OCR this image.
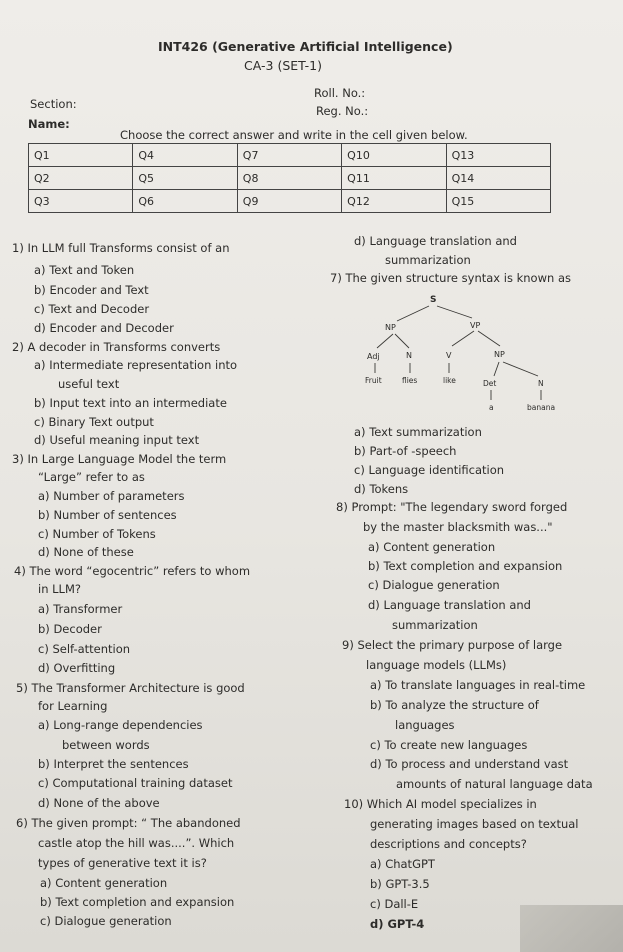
INT426 (Generative Artificial Intelligence)
CA-3 (SET-1)
Roll. No.:
Section:	Reg. No.:
Name:
Choose the correct answer and write in the cell given below.
Q1	Q4	Q7	Q10	Q13
Q2	Q5	Q8	Q11	Q14
Q3	Q6	Q9	Q12	Q15
1) In LLM full Transforms consist of an
a) Text and Token
b) Encoder and Text
c) Text and Decoder
d) Encoder and Decoder
2) A decoder in Transforms converts
a) Intermediate representation into
useful text
b) Input text into an intermediate
c) Binary Text output
d) Useful meaning input text
3) In Large Language Model the term
“Large” refer to as
a) Number of parameters
b) Number of sentences
c) Number of Tokens
d) None of these
4) The word “egocentric” refers to whom
in LLM?
a) Transformer
b) Decoder
c) Self-attention
d) Overfitting
5) The Transformer Architecture is good
for Learning
a) Long-range dependencies
between words
b) Interpret the sentences
c) Computational training dataset
d) None of the above
6) The given prompt: “ The abandoned
castle atop the hill was....”. Which
types of generative text it is?
a) Content generation
b) Text completion and expansion
c) Dialogue generation
d) Language translation and
summarization
7) The given structure syntax is known as
S
NP	VP
Adj	N	V	NP
Fruit	flies	like	Det	N
a	banana
a) Text summarization
b) Part-of -speech
c) Language identification
d) Tokens
8) Prompt: "The legendary sword forged
by the master blacksmith was..."
a) Content generation
b) Text completion and expansion
c) Dialogue generation
d) Language translation and
summarization
9) Select the primary purpose of large
language models (LLMs)
a) To translate languages in real-time
b) To analyze the structure of
languages
c) To create new languages
d) To process and understand vast
amounts of natural language data
10) Which AI model specializes in
generating images based on textual
descriptions and concepts?
a) ChatGPT
b) GPT-3.5
c) Dall-E
d) GPT-4
